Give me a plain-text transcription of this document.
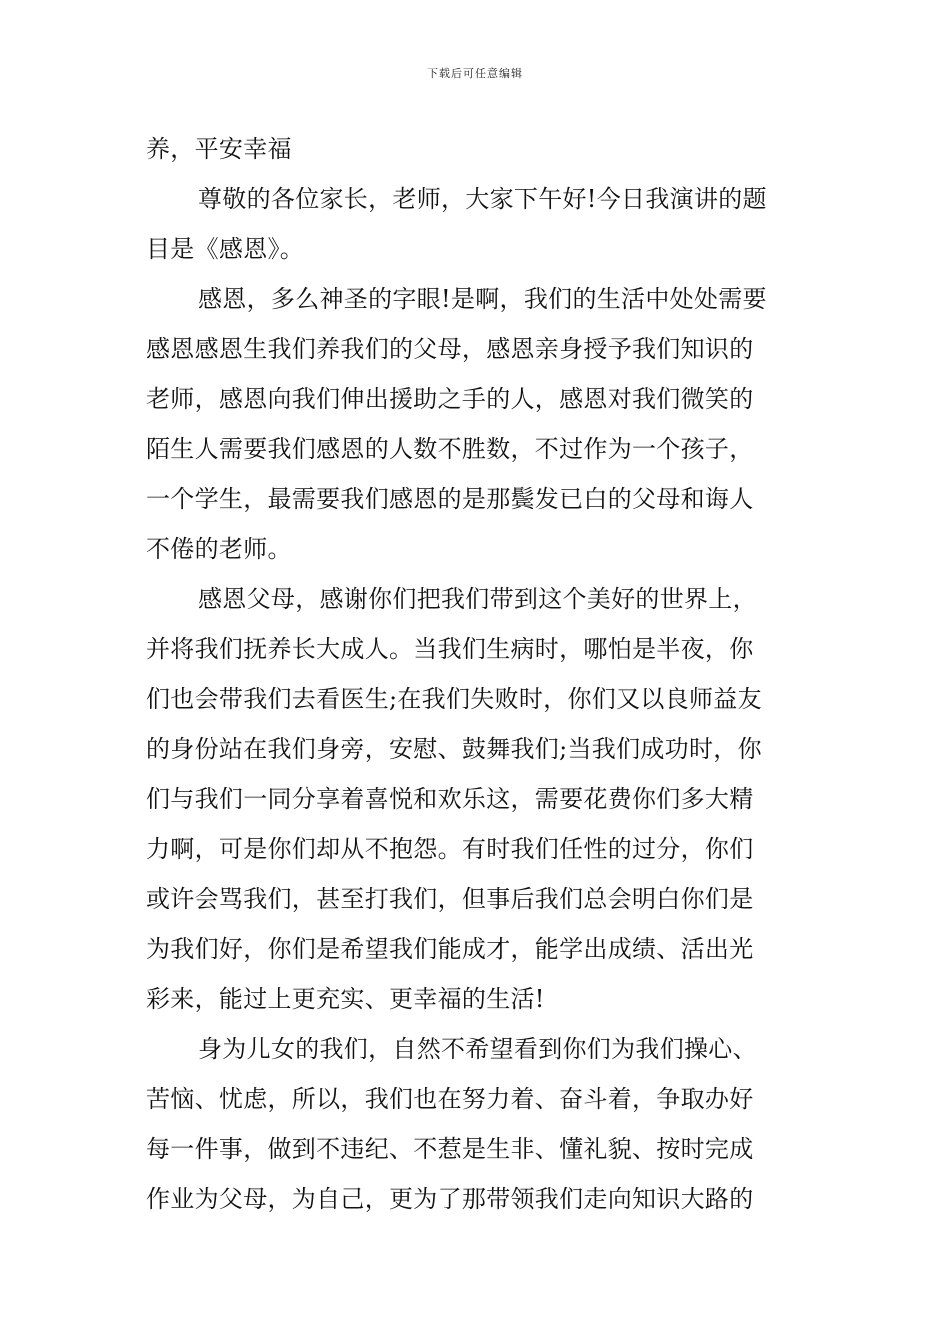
下载后可任意编辑
养，平安幸福
尊敬的各位家长，老师，大家下午好!今日我演讲的题
目是《感恩》。
感恩，多么神圣的字眼!是啊，我们的生活中处处需要
感恩感恩生我们养我们的父母，感恩亲身授予我们知识的
老师，感恩向我们伸出援助之手的人，感恩对我们微笑的
陌生人需要我们感恩的人数不胜数，不过作为一个孩子，
一个学生，最需要我们感恩的是那鬓发已白的父母和诲人
不倦的老师。
感恩父母，感谢你们把我们带到这个美好的世界上，
并将我们抚养长大成人。当我们生病时，哪怕是半夜，你
们也会带我们去看医生;在我们失败时，你们又以良师益友
的身份站在我们身旁，安慰、鼓舞我们;当我们成功时，你
们与我们一同分享着喜悦和欢乐这，需要花费你们多大精
力啊，可是你们却从不抱怨。有时我们任性的过分，你们
或许会骂我们，甚至打我们，但事后我们总会明白你们是
为我们好，你们是希望我们能成才，能学出成绩、活出光
彩来，能过上更充实、更幸福的生活!
身为儿女的我们，自然不希望看到你们为我们操心、
苦恼、忧虑，所以，我们也在努力着、奋斗着，争取办好
每一件事，做到不违纪、不惹是生非、懂礼貌、按时完成
作业为父母，为自己，更为了那带领我们走向知识大路的
